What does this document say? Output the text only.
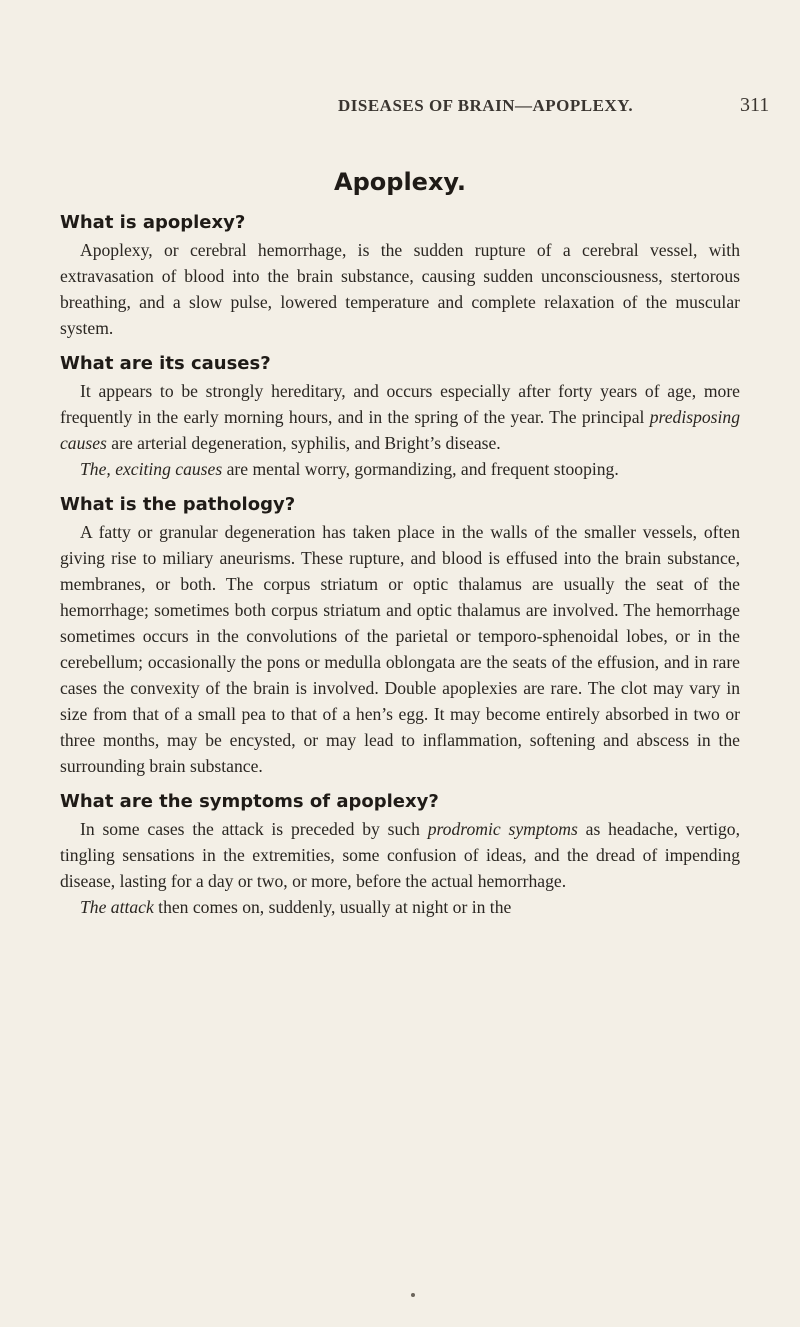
DISEASES OF BRAIN—APOPLEXY.	311
Apoplexy.
What is apoplexy?

Apoplexy, or cerebral hemorrhage, is the sudden rupture of a cerebral vessel, with extravasation of blood into the brain substance, causing sudden unconsciousness, stertorous breathing, and a slow pulse, lowered temperature and complete relaxation of the muscular system.

What are its causes?

It appears to be strongly hereditary, and occurs especially after forty years of age, more frequently in the early morning hours, and in the spring of the year. The principal predisposing causes are arterial degeneration, syphilis, and Bright’s disease.

The, exciting causes are mental worry, gormandizing, and frequent stooping.

What is the pathology?

A fatty or granular degeneration has taken place in the walls of the smaller vessels, often giving rise to miliary aneurisms. These rupture, and blood is effused into the brain substance, membranes, or both. The corpus striatum or optic thalamus are usually the seat of the hemorrhage; sometimes both corpus striatum and optic thalamus are involved. The hemorrhage sometimes occurs in the convolutions of the parietal or temporo-sphenoidal lobes, or in the cerebellum; occasionally the pons or medulla oblongata are the seats of the effusion, and in rare cases the convexity of the brain is involved. Double apoplexies are rare. The clot may vary in size from that of a small pea to that of a hen’s egg. It may become entirely absorbed in two or three months, may be encysted, or may lead to inflammation, softening and abscess in the surrounding brain substance.

What are the symptoms of apoplexy?

In some cases the attack is preceded by such prodromic symptoms as headache, vertigo, tingling sensations in the extremities, some confusion of ideas, and the dread of impending disease, lasting for a day or two, or more, before the actual hemorrhage.

The attack then comes on, suddenly, usually at night or in the
